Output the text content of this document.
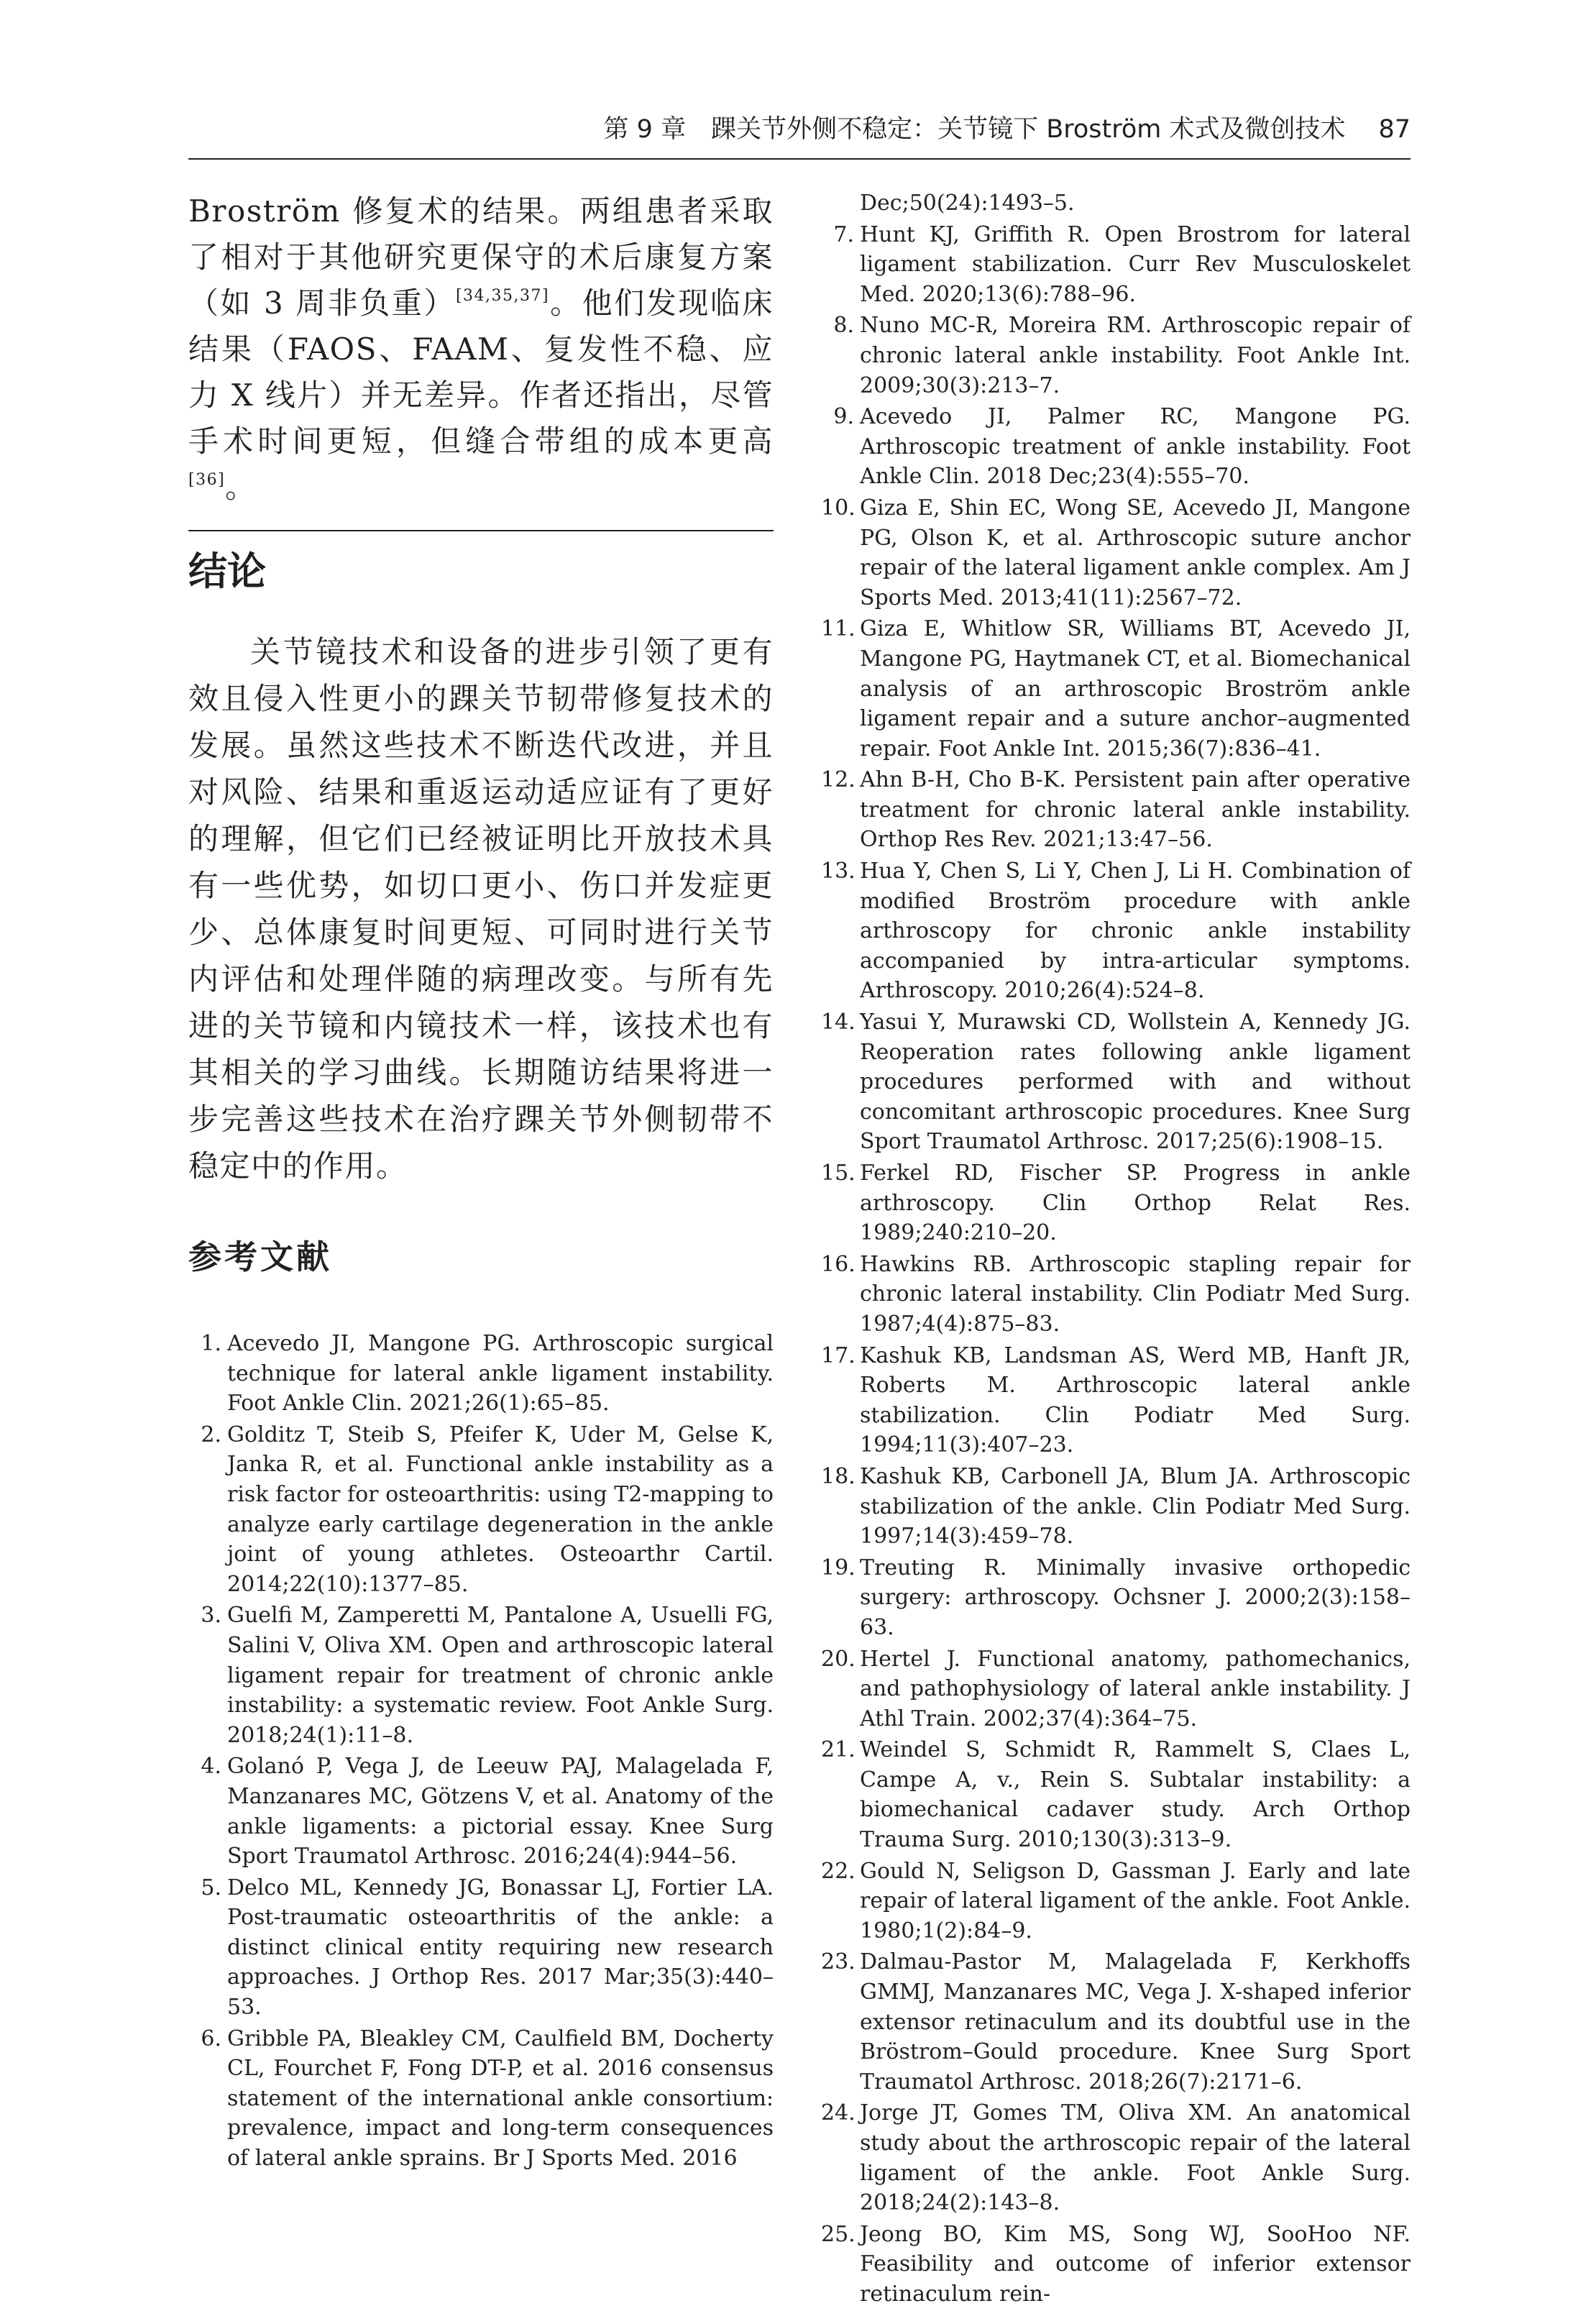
第 9 章　踝关节外侧不稳定：关节镜下 Broström 术式及微创技术 87

Broström 修复术的结果。两组患者采取了相对于其他研究更保守的术后康复方案（如 3 周非负重）[34,35,37]。他们发现临床结果（FAOS、FAAM、复发性不稳、应力 X 线片）并无差异。作者还指出，尽管手术时间更短，但缝合带组的成本更高[36]。

结论

关节镜技术和设备的进步引领了更有效且侵入性更小的踝关节韧带修复技术的发展。虽然这些技术不断迭代改进，并且对风险、结果和重返运动适应证有了更好的理解，但它们已经被证明比开放技术具有一些优势，如切口更小、伤口并发症更少、总体康复时间更短、可同时进行关节内评估和处理伴随的病理改变。与所有先进的关节镜和内镜技术一样，该技术也有其相关的学习曲线。长期随访结果将进一步完善这些技术在治疗踝关节外侧韧带不稳定中的作用。

参考文献
1. Acevedo JI, Mangone PG. Arthroscopic surgical technique for lateral ankle ligament instability. Foot Ankle Clin. 2021;26(1):65–85.
2. Golditz T, Steib S, Pfeifer K, Uder M, Gelse K, Janka R, et al. Functional ankle instability as a risk factor for osteoarthritis: using T2-mapping to analyze early cartilage degeneration in the ankle joint of young athletes. Osteoarthr Cartil. 2014;22(10):1377–85.
3. Guelfi M, Zamperetti M, Pantalone A, Usuelli FG, Salini V, Oliva XM. Open and arthroscopic lateral ligament repair for treatment of chronic ankle instability: a systematic review. Foot Ankle Surg. 2018;24(1):11–8.
4. Golanó P, Vega J, de Leeuw PAJ, Malagelada F, Manzanares MC, Götzens V, et al. Anatomy of the ankle ligaments: a pictorial essay. Knee Surg Sport Traumatol Arthrosc. 2016;24(4):944–56.
5. Delco ML, Kennedy JG, Bonassar LJ, Fortier LA. Post-traumatic osteoarthritis of the ankle: a distinct clinical entity requiring new research approaches. J Orthop Res. 2017 Mar;35(3):440–53.
6. Gribble PA, Bleakley CM, Caulfield BM, Docherty CL, Fourchet F, Fong DT-P, et al. 2016 consensus statement of the international ankle consortium: prevalence, impact and long-term consequences of lateral ankle sprains. Br J Sports Med. 2016
Dec;50(24):1493–5.
7. Hunt KJ, Griffith R. Open Brostrom for lateral ligament stabilization. Curr Rev Musculoskelet Med. 2020;13(6):788–96.
8. Nuno MC-R, Moreira RM. Arthroscopic repair of chronic lateral ankle instability. Foot Ankle Int. 2009;30(3):213–7.
9. Acevedo JI, Palmer RC, Mangone PG. Arthroscopic treatment of ankle instability. Foot Ankle Clin. 2018 Dec;23(4):555–70.
10. Giza E, Shin EC, Wong SE, Acevedo JI, Mangone PG, Olson K, et al. Arthroscopic suture anchor repair of the lateral ligament ankle complex. Am J Sports Med. 2013;41(11):2567–72.
11. Giza E, Whitlow SR, Williams BT, Acevedo JI, Mangone PG, Haytmanek CT, et al. Biomechanical analysis of an arthroscopic Broström ankle ligament repair and a suture anchor–augmented repair. Foot Ankle Int. 2015;36(7):836–41.
12. Ahn B-H, Cho B-K. Persistent pain after operative treatment for chronic lateral ankle instability. Orthop Res Rev. 2021;13:47–56.
13. Hua Y, Chen S, Li Y, Chen J, Li H. Combination of modified Broström procedure with ankle arthroscopy for chronic ankle instability accompanied by intra-articular symptoms. Arthroscopy. 2010;26(4):524–8.
14. Yasui Y, Murawski CD, Wollstein A, Kennedy JG. Reoperation rates following ankle ligament procedures performed with and without concomitant arthroscopic procedures. Knee Surg Sport Traumatol Arthrosc. 2017;25(6):1908–15.
15. Ferkel RD, Fischer SP. Progress in ankle arthroscopy. Clin Orthop Relat Res. 1989;240:210–20.
16. Hawkins RB. Arthroscopic stapling repair for chronic lateral instability. Clin Podiatr Med Surg. 1987;4(4):875–83.
17. Kashuk KB, Landsman AS, Werd MB, Hanft JR, Roberts M. Arthroscopic lateral ankle stabilization. Clin Podiatr Med Surg. 1994;11(3):407–23.
18. Kashuk KB, Carbonell JA, Blum JA. Arthroscopic stabilization of the ankle. Clin Podiatr Med Surg. 1997;14(3):459–78.
19. Treuting R. Minimally invasive orthopedic surgery: arthroscopy. Ochsner J. 2000;2(3):158–63.
20. Hertel J. Functional anatomy, pathomechanics, and pathophysiology of lateral ankle instability. J Athl Train. 2002;37(4):364–75.
21. Weindel S, Schmidt R, Rammelt S, Claes L, Campe A, v., Rein S. Subtalar instability: a biomechanical cadaver study. Arch Orthop Trauma Surg. 2010;130(3):313–9.
22. Gould N, Seligson D, Gassman J. Early and late repair of lateral ligament of the ankle. Foot Ankle. 1980;1(2):84–9.
23. Dalmau-Pastor M, Malagelada F, Kerkhoffs GMMJ, Manzanares MC, Vega J. X-shaped inferior extensor retinaculum and its doubtful use in the Bröstrom–Gould procedure. Knee Surg Sport Traumatol Arthrosc. 2018;26(7):2171–6.
24. Jorge JT, Gomes TM, Oliva XM. An anatomical study about the arthroscopic repair of the lateral ligament of the ankle. Foot Ankle Surg. 2018;24(2):143–8.
25. Jeong BO, Kim MS, Song WJ, SooHoo NF. Feasibility and outcome of inferior extensor retinaculum rein-
